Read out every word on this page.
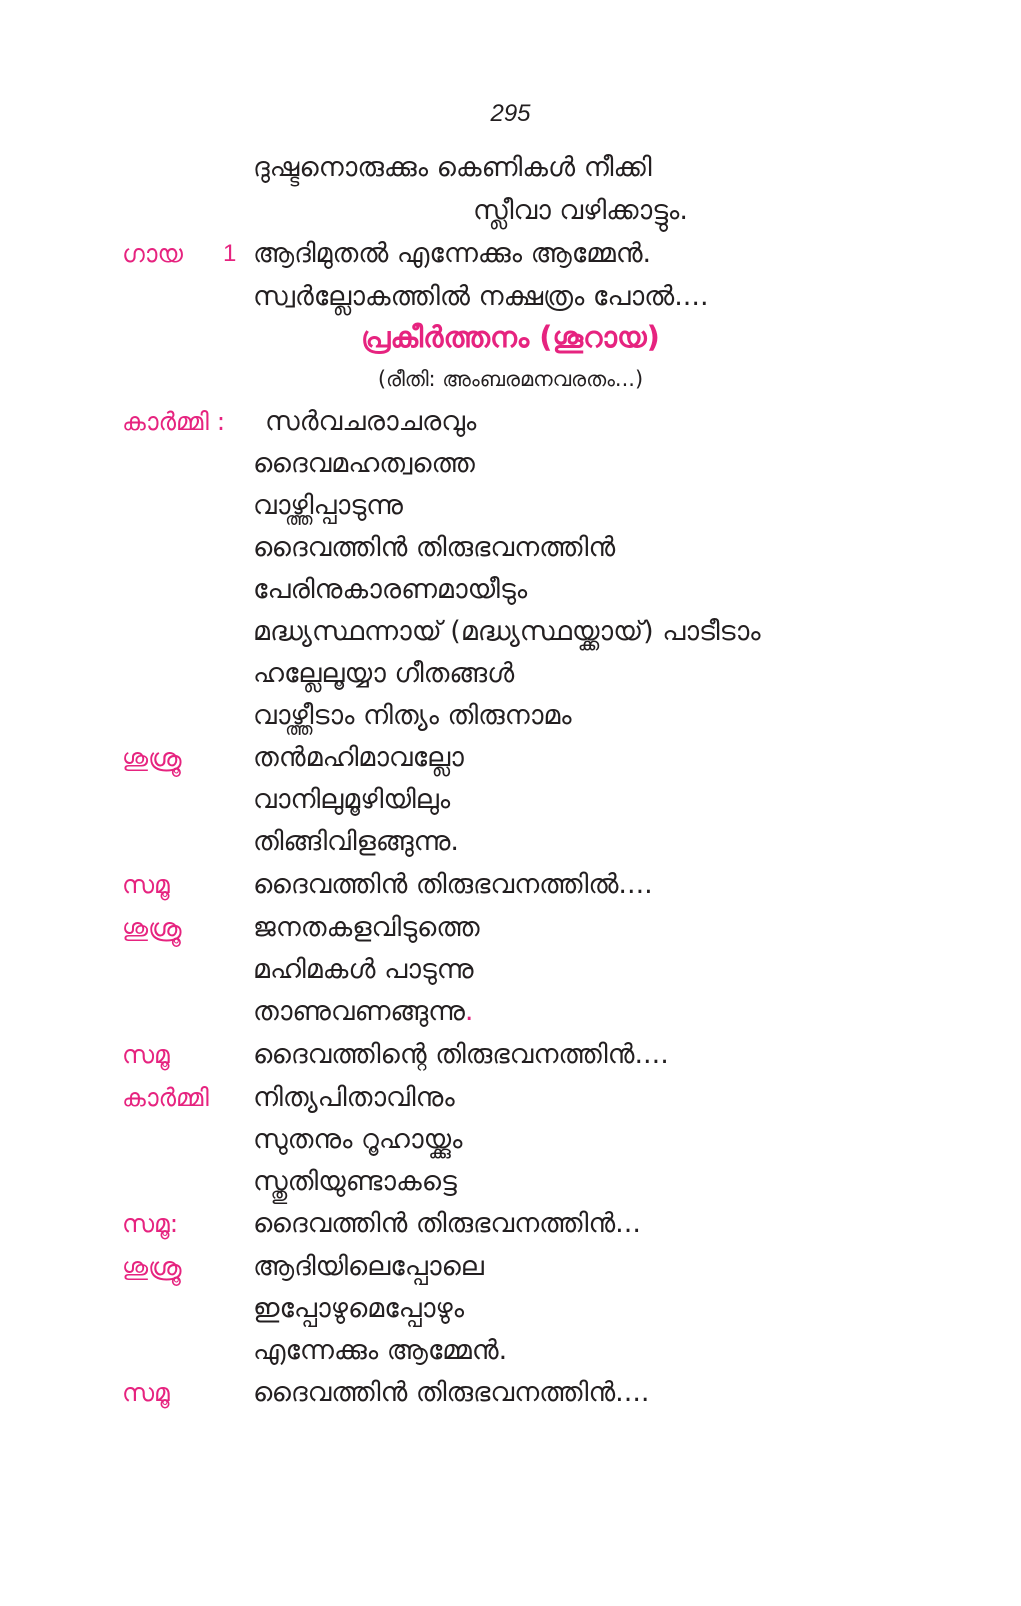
295
ദുഷ്ടനൊരുക്കും കെണികൾ നീക്കി
സ്ലീവാ വഴിക്കാട്ടും.
ഗായ 1 ആദിമുതൽ എന്നേക്കും ആമ്മേൻ.
സ്വർല്ലോകത്തിൽ നക്ഷത്രം പോൽ....
പ്രകീർത്തനം (ശൂറായ)
(രീതി: അംബരമനവരതം...)
കാർമ്മി : സർവചരാചരവും
ദൈവമഹത്വത്തെ
വാഴ്ത്തിപ്പാടുന്നു
ദൈവത്തിൻ തിരുഭവനത്തിൻ
പേരിനുകാരണമായീടും
മദ്ധ്യസ്ഥന്നായ് (മദ്ധ്യസ്ഥയ്ക്കായ്) പാടീടാം
ഹല്ലേലൂയ്യാ ഗീതങ്ങൾ
വാഴ്ത്തീടാം നിത്യം തിരുനാമം
ശുശ്രൂ	തൻമഹിമാവല്ലോ
വാനിലുമൂഴിയിലും
തിങ്ങിവിളങ്ങുന്നു.
സമൂ	ദൈവത്തിൻ തിരുഭവനത്തിൽ....
ശുശ്രൂ	ജനതകളവിടുത്തെ
മഹിമകൾ പാടുന്നു
താണുവണങ്ങുന്നു.
സമൂ	ദൈവത്തിന്റെ തിരുഭവനത്തിൻ....
കാർമ്മി നിത്യപിതാവിനും
സുതനും റൂഹായ്ക്കും
സ്തുതിയുണ്ടാകട്ടെ
സമൂ:	ദൈവത്തിൻ തിരുഭവനത്തിൻ...
ശുശ്രൂ	ആദിയിലെപ്പോലെ
ഇപ്പോഴുമെപ്പോഴും
എന്നേക്കും ആമ്മേൻ.
സമൂ	ദൈവത്തിൻ തിരുഭവനത്തിൻ....
